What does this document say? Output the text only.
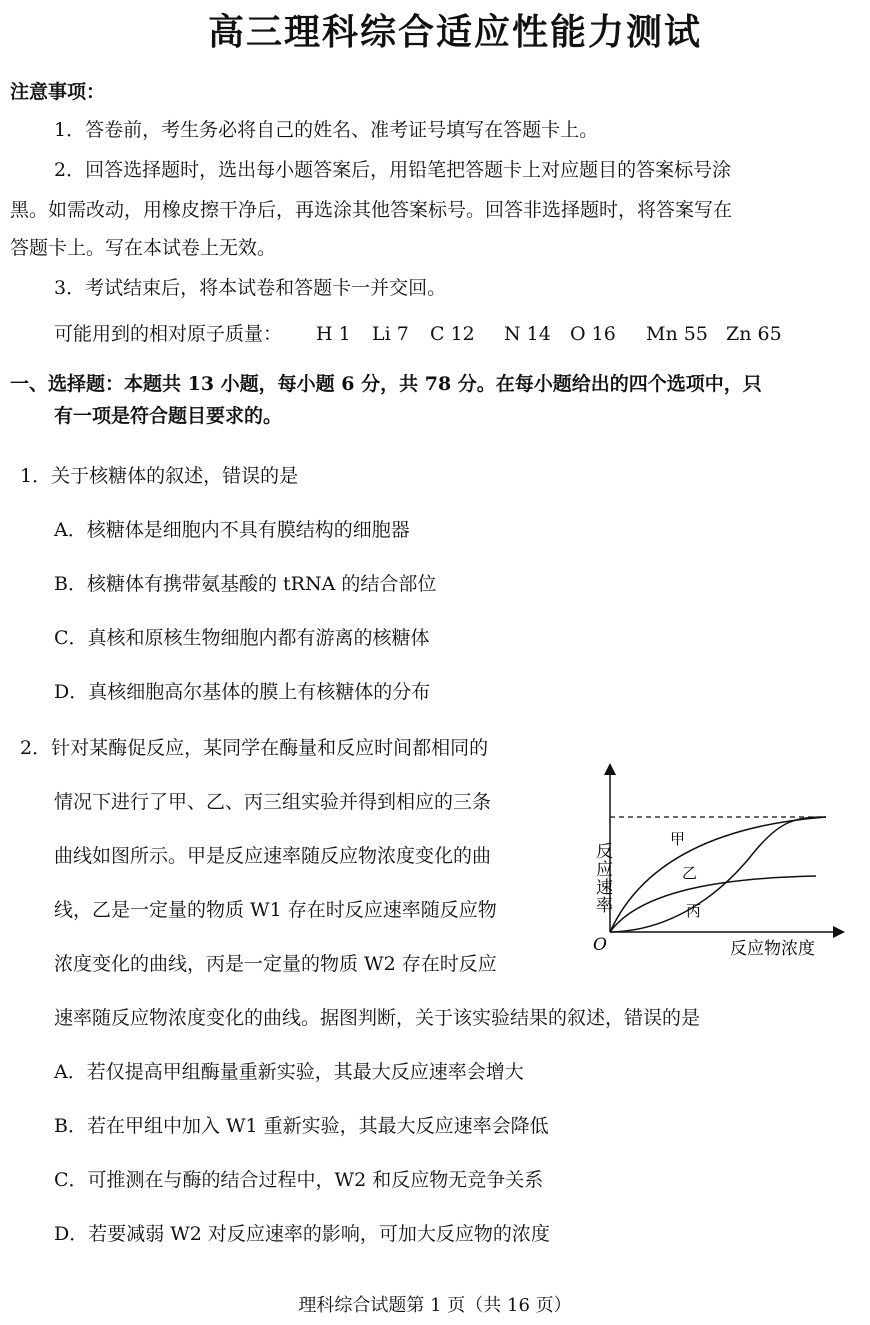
高三理科综合适应性能力测试
注意事项：
1．答卷前，考生务必将自己的姓名、准考证号填写在答题卡上。
2．回答选择题时，选出每小题答案后，用铅笔把答题卡上对应题目的答案标号涂
黑。如需改动，用橡皮擦干净后，再选涂其他答案标号。回答非选择题时，将答案写在
答题卡上。写在本试卷上无效。
3．考试结束后，将本试卷和答题卡一并交回。
可能用到的相对原子质量： H 1 Li 7 C 12 N 14 O 16 Mn 55 Zn 65
一、选择题：本题共 13 小题，每小题 6 分，共 78 分。在每小题给出的四个选项中，只
有一项是符合题目要求的。
1．关于核糖体的叙述，错误的是
A．核糖体是细胞内不具有膜结构的细胞器
B．核糖体有携带氨基酸的 tRNA 的结合部位
C．真核和原核生物细胞内都有游离的核糖体
D．真核细胞高尔基体的膜上有核糖体的分布
2．针对某酶促反应，某同学在酶量和反应时间都相同的
情况下进行了甲、乙、丙三组实验并得到相应的三条
曲线如图所示。甲是反应速率随反应物浓度变化的曲
线，乙是一定量的物质 W1 存在时反应速率随反应物
浓度变化的曲线，丙是一定量的物质 W2 存在时反应
速率随反应物浓度变化的曲线。据图判断，关于该实验结果的叙述，错误的是
A．若仅提高甲组酶量重新实验，其最大反应速率会增大
B．若在甲组中加入 W1 重新实验，其最大反应速率会降低
C．可推测在与酶的结合过程中，W2 和反应物无竞争关系
D．若要减弱 W2 对反应速率的影响，可加大反应物的浓度
反应速率
反应物浓度
O
甲
乙
丙
理科综合试题第 1 页（共 16 页）
